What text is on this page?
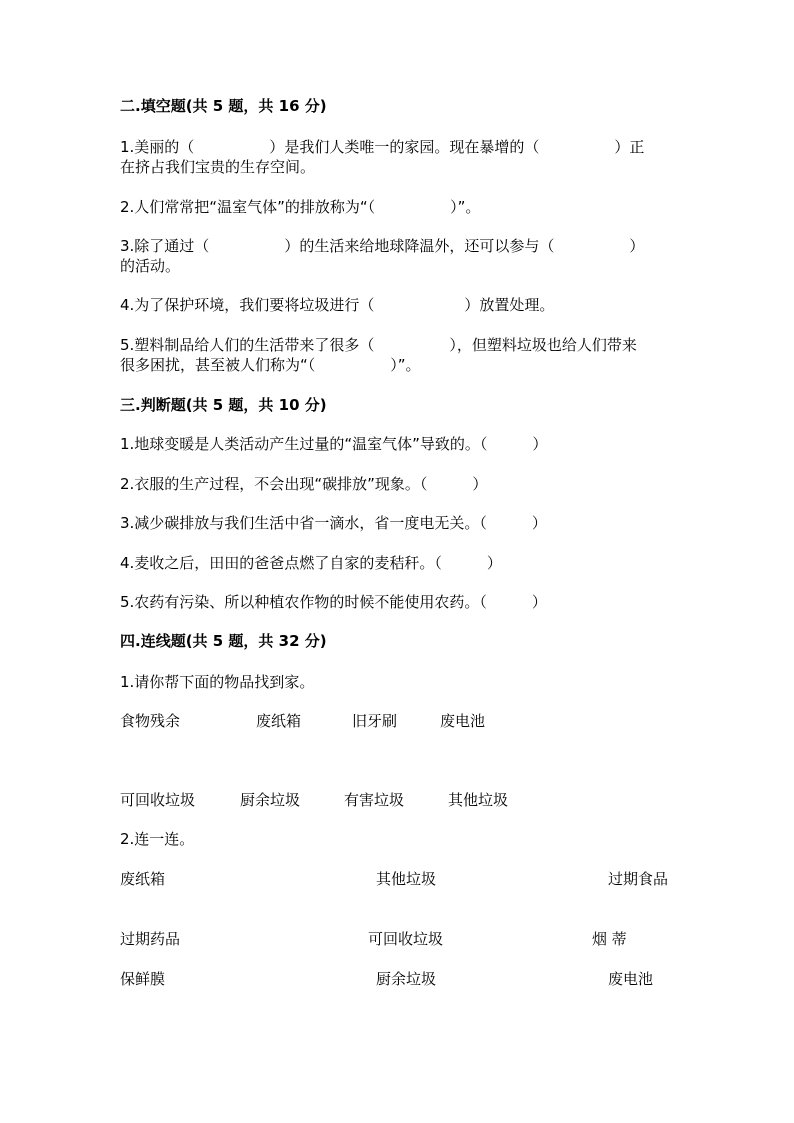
二.填空题(共 5 题，共 16 分)
1.美丽的（　　　　　）是我们人类唯一的家园。现在暴增的（　　　　　）正
在挤占我们宝贵的生存空间。
2.人们常常把“温室气体”的排放称为“（　　　　　）”。
3.除了通过（　　　　　）的生活来给地球降温外，还可以参与（　　　　　）
的活动。
4.为了保护环境，我们要将垃圾进行（　　　　　　）放置处理。
5.塑料制品给人们的生活带来了很多（　　　　　），但塑料垃圾也给人们带来
很多困扰，甚至被人们称为“（　　　　　）”。
三.判断题(共 5 题，共 10 分)
1.地球变暖是人类活动产生过量的“温室气体”导致的。（　　　）
2.衣服的生产过程，不会出现“碳排放”现象。（　　　）
3.减少碳排放与我们生活中省一滴水，省一度电无关。（　　　）
4.麦收之后，田田的爸爸点燃了自家的麦秸秆。（　　　）
5.农药有污染、所以种植农作物的时候不能使用农药。（　　　）
四.连线题(共 5 题，共 32 分)
1.请你帮下面的物品找到家。
食物残余	废纸箱	旧牙刷	废电池
可回收垃圾	厨余垃圾	有害垃圾	其他垃圾
2.连一连。
废纸箱	其他垃圾	过期食品
过期药品	可回收垃圾	烟 蒂
保鲜膜	厨余垃圾	废电池
